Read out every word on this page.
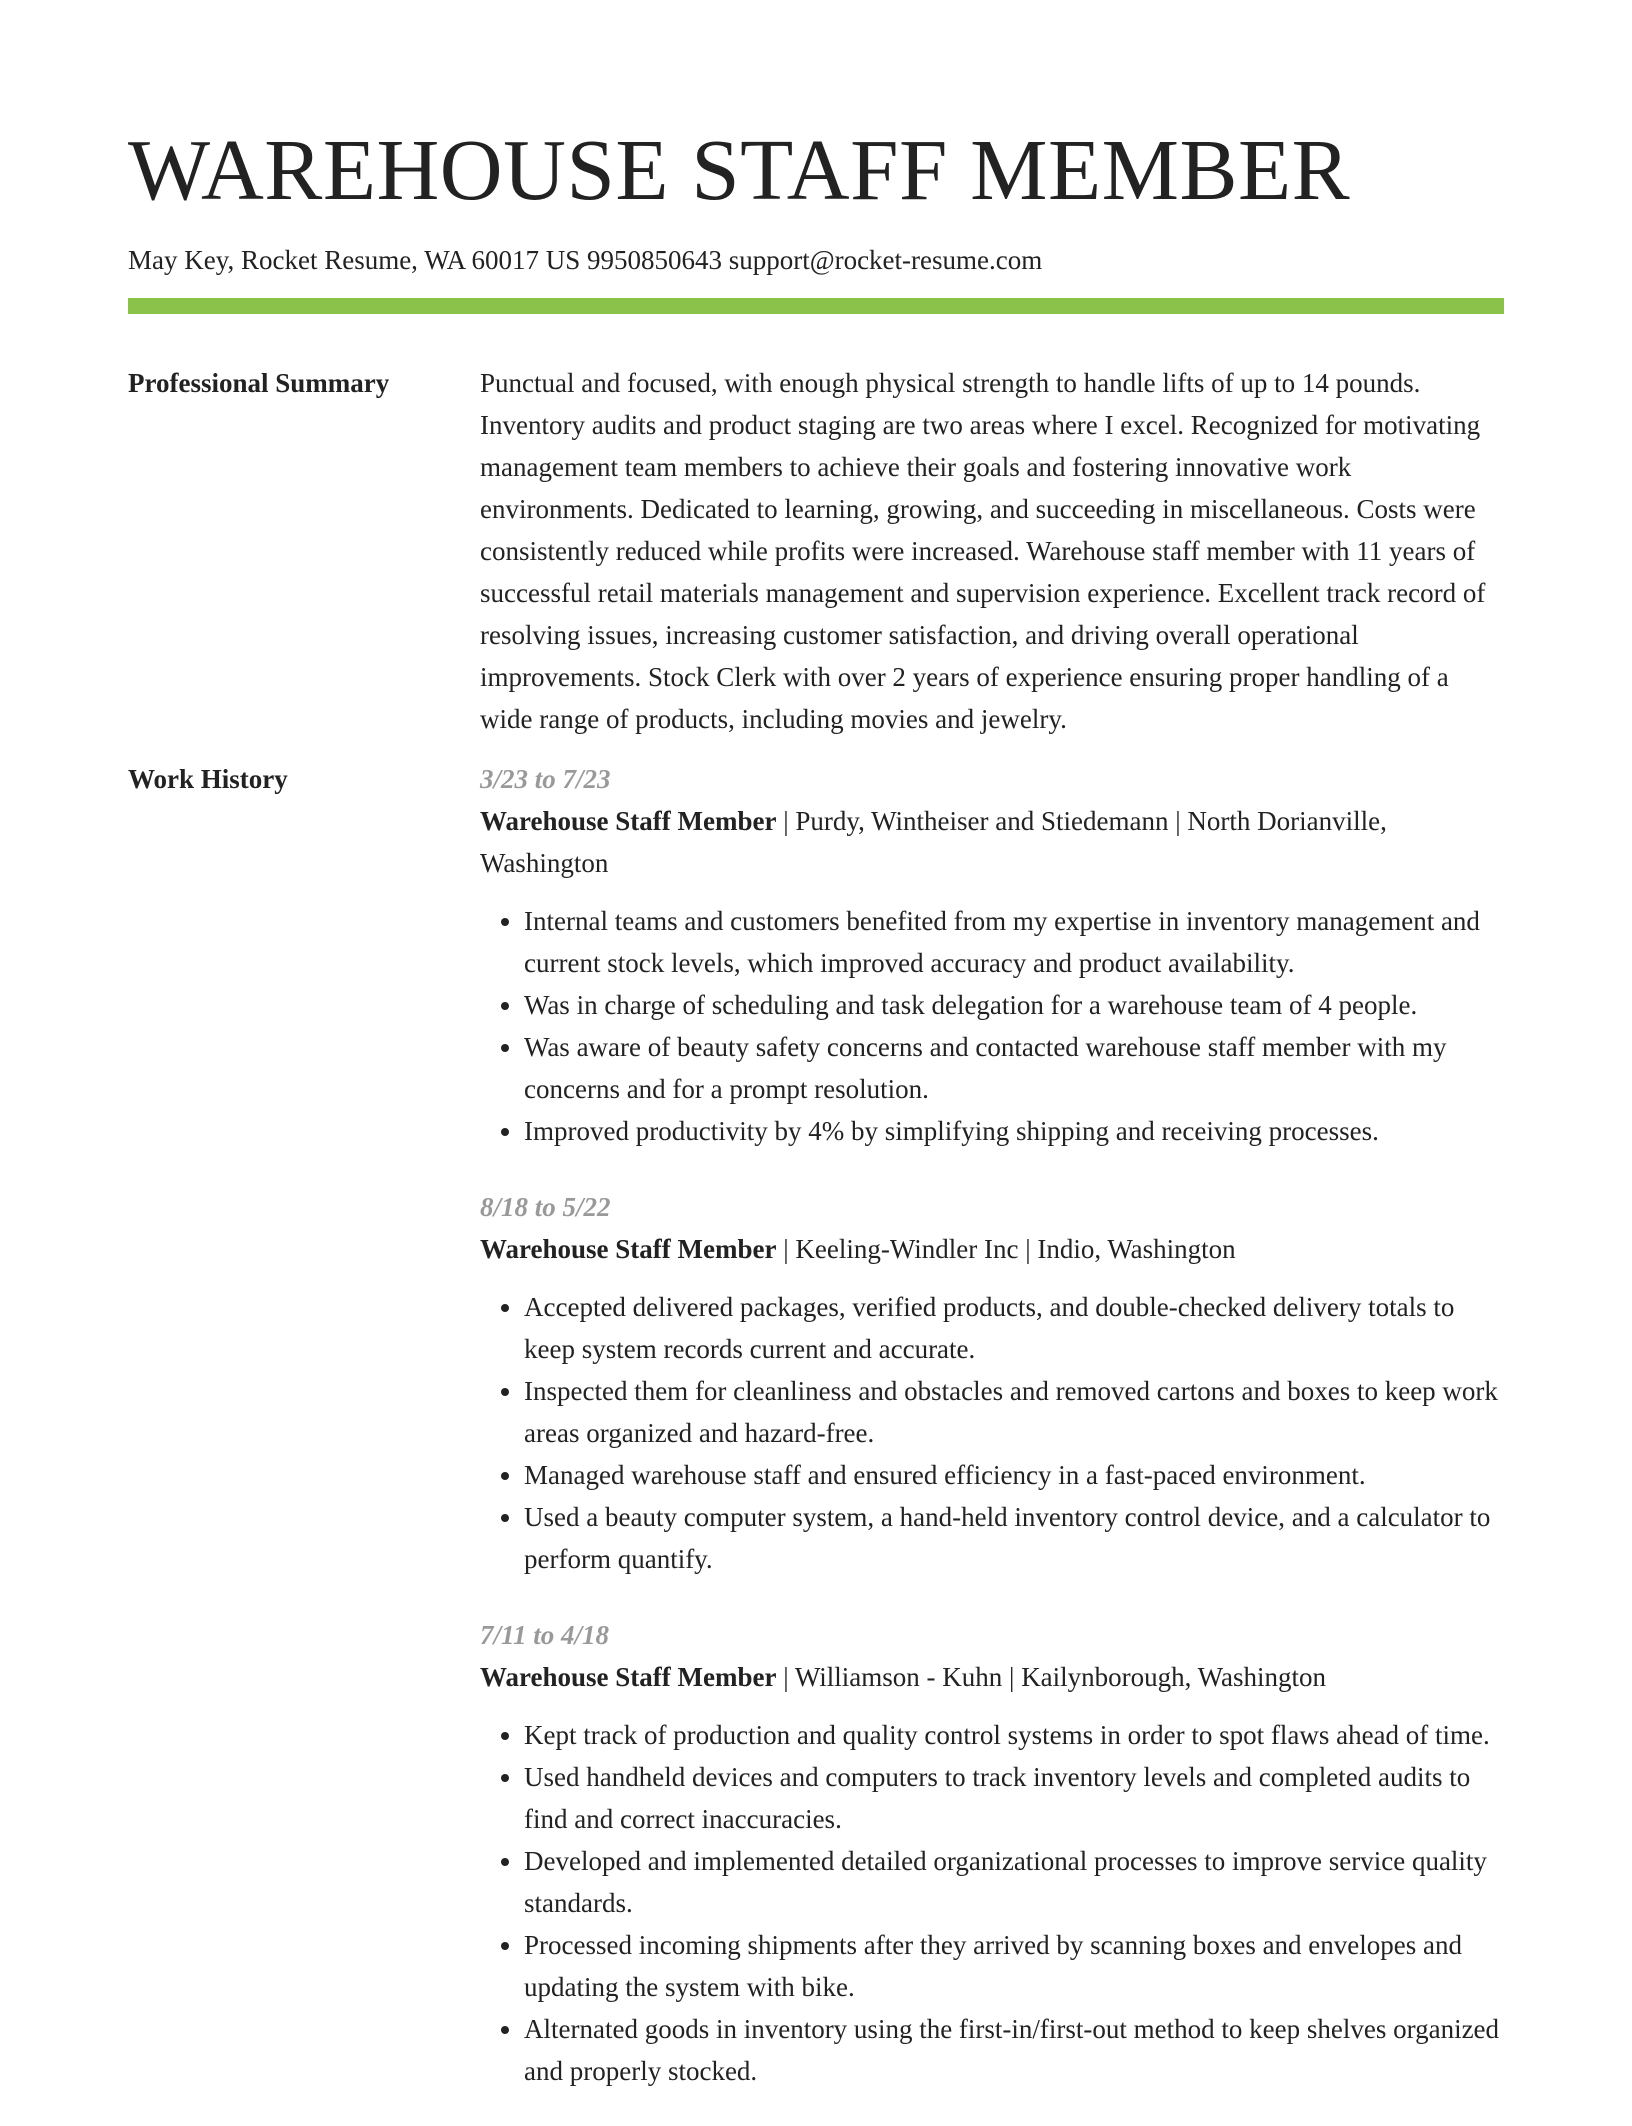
WAREHOUSE STAFF MEMBER
May Key, Rocket Resume, WA 60017 US 9950850643 support@rocket-resume.com
Professional Summary	Punctual and focused, with enough physical strength to handle lifts of up to 14 pounds. Inventory audits and product staging are two areas where I excel. Recognized for motivating management team members to achieve their goals and fostering innovative work environments. Dedicated to learning, growing, and succeeding in miscellaneous. Costs were consistently reduced while profits were increased. Warehouse staff member with 11 years of successful retail materials management and supervision experience. Excellent track record of resolving issues, increasing customer satisfaction, and driving overall operational improvements. Stock Clerk with over 2 years of experience ensuring proper handling of a wide range of products, including movies and jewelry.

Work History	3/23 to 7/23
Warehouse Staff Member | Purdy, Wintheiser and Stiedemann | North Dorianville, Washington
• Internal teams and customers benefited from my expertise in inventory management and current stock levels, which improved accuracy and product availability.
• Was in charge of scheduling and task delegation for a warehouse team of 4 people.
• Was aware of beauty safety concerns and contacted warehouse staff member with my concerns and for a prompt resolution.
• Improved productivity by 4% by simplifying shipping and receiving processes.
8/18 to 5/22
Warehouse Staff Member | Keeling-Windler Inc | Indio, Washington
• Accepted delivered packages, verified products, and double-checked delivery totals to keep system records current and accurate.
• Inspected them for cleanliness and obstacles and removed cartons and boxes to keep work areas organized and hazard-free.
• Managed warehouse staff and ensured efficiency in a fast-paced environment.
• Used a beauty computer system, a hand-held inventory control device, and a calculator to perform quantify.
7/11 to 4/18
Warehouse Staff Member | Williamson - Kuhn | Kailynborough, Washington
• Kept track of production and quality control systems in order to spot flaws ahead of time.
• Used handheld devices and computers to track inventory levels and completed audits to find and correct inaccuracies.
• Developed and implemented detailed organizational processes to improve service quality standards.
• Processed incoming shipments after they arrived by scanning boxes and envelopes and updating the system with bike.
• Alternated goods in inventory using the first-in/first-out method to keep shelves organized and properly stocked.
